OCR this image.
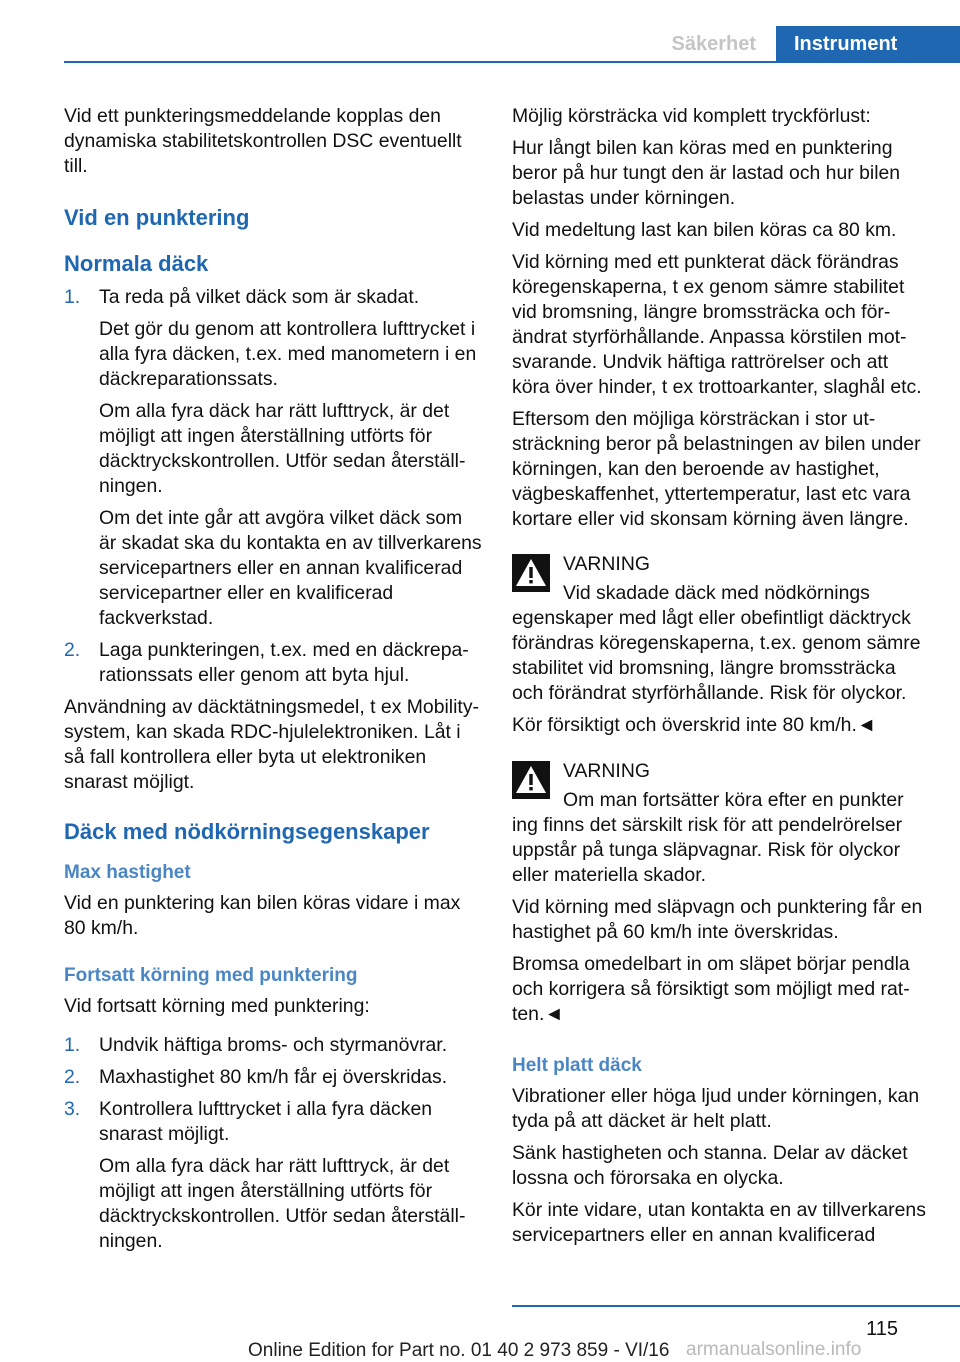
Säkerhet	Instrument

Vid ett punkteringsmeddelande kopplas den dynamiska stabilitetskontrollen DSC eventuellt till.

Vid en punktering
Normala däck
1. Ta reda på vilket däck som är skadat.

Det gör du genom att kontrollera lufttrycket i alla fyra däcken, t.ex. med manometern i en däckreparationssats.

Om alla fyra däck har rätt lufttryck, är det möjligt att ingen återställning utförts för däcktryckskontrollen. Utför sedan återställningen.

Om det inte går att avgöra vilket däck som är skadat ska du kontakta en av tillverkarens servicepartners eller en annan kvalificerad servicepartner eller en kvalificerad fackverkstad.

2. Laga punkteringen, t.ex. med en däckreparationssats eller genom att byta hjul.

Användning av däcktätningsmedel, t ex Mobility-system, kan skada RDC-hjulelektroniken. Låt i så fall kontrollera eller byta ut elektroniken snarast möjligt.

Däck med nödkörningsegenskaper
Max hastighet

Vid en punktering kan bilen köras vidare i max 80 km/h.

Fortsatt körning med punktering

Vid fortsatt körning med punktering:

1. Undvik häftiga broms- och styrmanövrar.

2. Maxhastighet 80 km/h får ej överskridas.

3. Kontrollera lufttrycket i alla fyra däcken snarast möjligt.

Om alla fyra däck har rätt lufttryck, är det möjligt att ingen återställning utförts för däcktryckskontrollen. Utför sedan återställningen.

Möjlig körsträcka vid komplett tryckförlust:

Hur långt bilen kan köras med en punktering beror på hur tungt den är lastad och hur bilen belastas under körningen.

Vid medeltung last kan bilen köras ca 80 km.

Vid körning med ett punkterat däck förändras köregenskaperna, t ex genom sämre stabilitet vid bromsning, längre bromssträcka och förändrat styrförhållande. Anpassa körstilen motsvarande. Undvik häftiga rattrörelser och att köra över hinder, t ex trottoarkanter, slaghål etc.

Eftersom den möjliga körsträckan i stor utsträckning beror på belastningen av bilen under körningen, kan den beroende av hastighet, vägbeskaffenhet, yttertemperatur, last etc vara kortare eller vid skonsam körning även längre.

VARNING
Vid skadade däck med nödkörnings

egenskaper med lågt eller obefintligt däcktryck förändras köregenskaperna, t.ex. genom sämre stabilitet vid bromsning, längre bromssträcka och förändrat styrförhållande. Risk för olyckor.

Kör försiktigt och överskrid inte 80 km/h.◄

VARNING
Om man fortsätter köra efter en punkter

ing finns det särskilt risk för att pendelrörelser uppstår på tunga släpvagnar. Risk för olyckor eller materiella skador.

Vid körning med släpvagn och punktering får en hastighet på 60 km/h inte överskridas.

Bromsa omedelbart in om släpet börjar pendla och korrigera så försiktigt som möjligt med ratten.◄

Helt platt däck

Vibrationer eller höga ljud under körningen, kan tyda på att däcket är helt platt.

Sänk hastigheten och stanna. Delar av däcket lossna och förorsaka en olycka.

Kör inte vidare, utan kontakta en av tillverkarens servicepartners eller en annan kvalificerad

115
Online Edition for Part no. 01 40 2 973 859 - VI/16 armanualsonline.info
